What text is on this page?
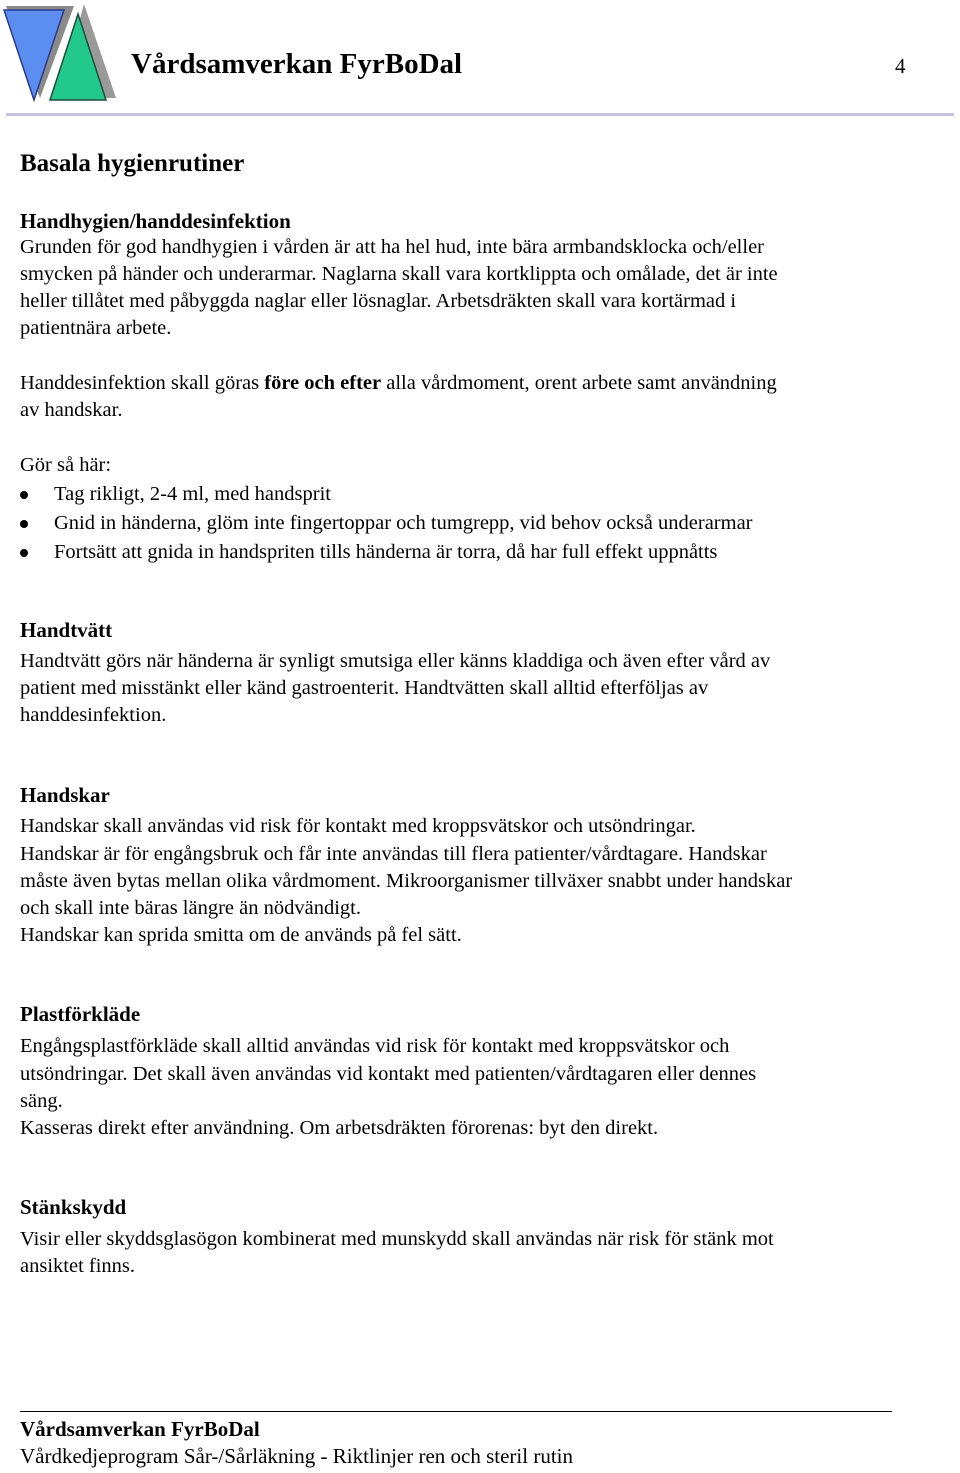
Vårdsamverkan FyrBoDal	4
Basala hygienrutiner
Handhygien/handdesinfektion
Grunden för god handhygien i vården är att ha hel hud, inte bära armbandsklocka och/eller
smycken på händer och underarmar. Naglarna skall vara kortklippta och omålade, det är inte
heller tillåtet med påbyggda naglar eller lösnaglar. Arbetsdräkten skall vara kortärmad i
patientnära arbete.
Handdesinfektion skall göras före och efter alla vårdmoment, orent arbete samt användning
av handskar.
Gör så här:
Tag rikligt, 2-4 ml, med handsprit
Gnid in händerna, glöm inte fingertoppar och tumgrepp, vid behov också underarmar
Fortsätt att gnida in handspriten tills händerna är torra, då har full effekt uppnåtts
Handtvätt
Handtvätt görs när händerna är synligt smutsiga eller känns kladdiga och även efter vård av
patient med misstänkt eller känd gastroenterit. Handtvätten skall alltid efterföljas av
handdesinfektion.
Handskar
Handskar skall användas vid risk för kontakt med kroppsvätskor och utsöndringar.
Handskar är för engångsbruk och får inte användas till flera patienter/vårdtagare. Handskar
måste även bytas mellan olika vårdmoment. Mikroorganismer tillväxer snabbt under handskar
och skall inte bäras längre än nödvändigt.
Handskar kan sprida smitta om de används på fel sätt.
Plastförkläde
Engångsplastförkläde skall alltid användas vid risk för kontakt med kroppsvätskor och
utsöndringar. Det skall även användas vid kontakt med patienten/vårdtagaren eller dennes
säng.
Kasseras direkt efter användning. Om arbetsdräkten förorenas: byt den direkt.
Stänkskydd
Visir eller skyddsglasögon kombinerat med munskydd skall användas när risk för stänk mot
ansiktet finns.
Vårdsamverkan FyrBoDal
Vårdkedjeprogram Sår-/Sårläkning - Riktlinjer ren och steril rutin
